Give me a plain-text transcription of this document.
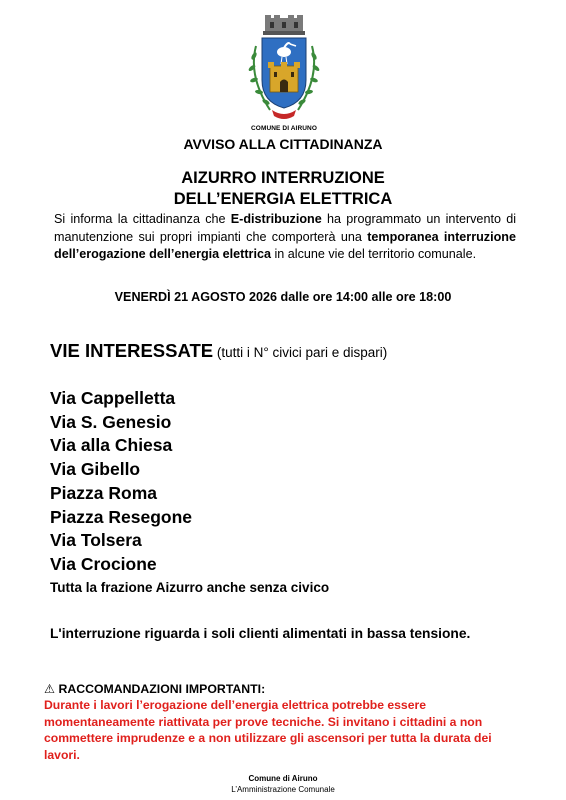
COMUNE DI AIRUNO
AVVISO ALLA CITTADINANZA
AIZURRO INTERRUZIONE
DELL’ENERGIA ELETTRICA
Si informa la cittadinanza che E-distribuzione ha programmato un intervento di manutenzione sui propri impianti che comporterà una temporanea interruzione dell’erogazione dell’energia elettrica in alcune vie del territorio comunale.
VENERDÌ 21 AGOSTO 2026 dalle ore 14:00 alle ore 18:00
VIE INTERESSATE (tutti i N° civici pari e dispari)
Via Cappelletta
Via S. Genesio
Via alla Chiesa
Via Gibello
Piazza Roma
Piazza Resegone
Via Tolsera
Via Crocione
Tutta la frazione Aizurro anche senza civico
L'interruzione riguarda i soli clienti alimentati in bassa tensione.
⚠ RACCOMANDAZIONI IMPORTANTI:
Durante i lavori l’erogazione dell’energia elettrica potrebbe essere momentaneamente riattivata per prove tecniche. Si invitano i cittadini a non commettere imprudenze e a non utilizzare gli ascensori per tutta la durata dei lavori.
Comune di Airuno
L’Amministrazione Comunale
